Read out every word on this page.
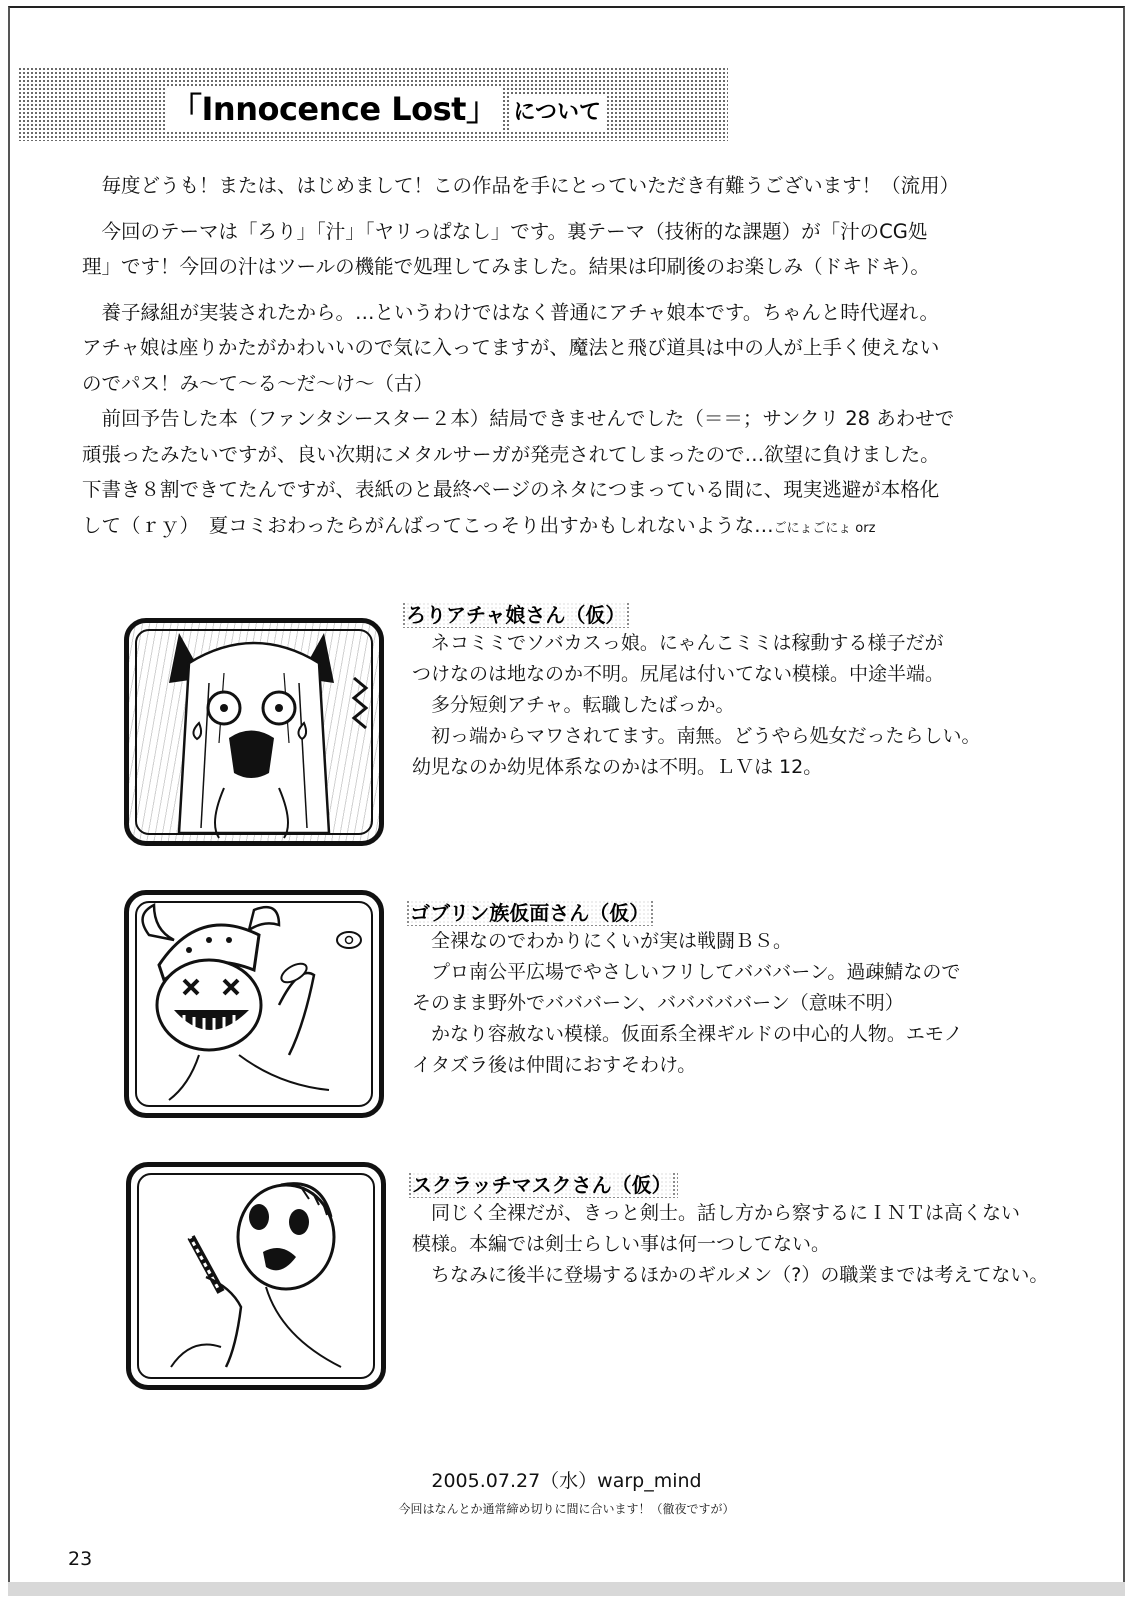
「Innocence Lost」 について

　毎度どうも！または、はじめまして！この作品を手にとっていただき有難うございます！（流用）

　今回のテーマは「ろり」「汁」「ヤリっぱなし」です。裏テーマ（技術的な課題）が「汁のCG処

理」です！今回の汁はツールの機能で処理してみました。結果は印刷後のお楽しみ（ドキドキ）。

　養子縁組が実装されたから。…というわけではなく普通にアチャ娘本です。ちゃんと時代遅れ。

アチャ娘は座りかたがかわいいので気に入ってますが、魔法と飛び道具は中の人が上手く使えない

のでパス！み〜て〜る〜だ〜け〜（古）

　前回予告した本（ファンタシースター２本）結局できませんでした（＝＝；サンクリ 28 あわせで

頑張ったみたいですが、良い次期にメタルサーガが発売されてしまったので…欲望に負けました。

下書き８割できてたんですが、表紙のと最終ページのネタにつまっている間に、現実逃避が本格化

して（ｒｙ）　夏コミおわったらがんばってこっそり出すかもしれないような…ごにょごにょ orz

ろりアチャ娘さん（仮）

　ネコミミでソバカスっ娘。にゃんこミミは稼動する様子だが

つけなのは地なのか不明。尻尾は付いてない模様。中途半端。

　多分短剣アチャ。転職したばっか。

　初っ端からマワされてます。南無。どうやら処女だったらしい。

幼児なのか幼児体系なのかは不明。ＬＶは 12。

ゴブリン族仮面さん（仮）

　全裸なのでわかりにくいが実は戦闘ＢＳ。

　プロ南公平広場でやさしいフリしてバババーン。過疎鯖なので

そのまま野外でバババーン、バババババーン（意味不明）

　かなり容赦ない模様。仮面系全裸ギルドの中心的人物。エモノ

イタズラ後は仲間におすそわけ。

スクラッチマスクさん（仮）

　同じく全裸だが、きっと剣士。話し方から察するにＩＮＴは高くない

模様。本編では剣士らしい事は何一つしてない。

　ちなみに後半に登場するほかのギルメン（?）の職業までは考えてない。

2005.07.27（水）warp_mind
今回はなんとか通常締め切りに間に合います！（徹夜ですが）
23
